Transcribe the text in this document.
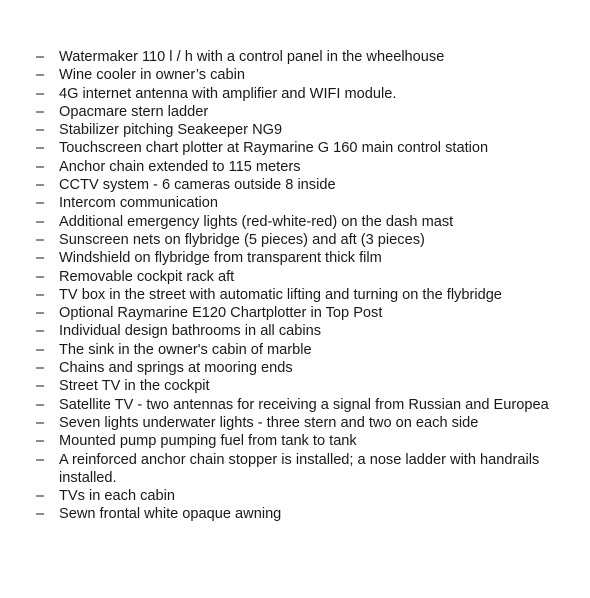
– Watermaker 110 l / h with a control panel in the wheelhouse
– Wine cooler in owner’s cabin
– 4G internet antenna with amplifier and WIFI module.
– Opacmare stern ladder
– Stabilizer pitching Seakeeper NG9
– Touchscreen chart plotter at Raymarine G 160 main control station
– Anchor chain extended to 115 meters
– CCTV system - 6 cameras outside 8 inside
– Intercom communication
– Additional emergency lights (red-white-red) on the dash mast
– Sunscreen nets on flybridge (5 pieces) and aft (3 pieces)
– Windshield on flybridge from transparent thick film
– Removable cockpit rack aft
– TV box in the street with automatic lifting and turning on the flybridge
– Optional Raymarine E120 Chartplotter in Top Post
– Individual design bathrooms in all cabins
– The sink in the owner's cabin of marble
– Chains and springs at mooring ends
– Street TV in the cockpit
– Satellite TV - two antennas for receiving a signal from Russian and Europea
– Seven lights underwater lights - three stern and two on each side
– Mounted pump pumping fuel from tank to tank
– A reinforced anchor chain stopper is installed; a nose ladder with handrails installed.
– TVs in each cabin
– Sewn frontal white opaque awning
